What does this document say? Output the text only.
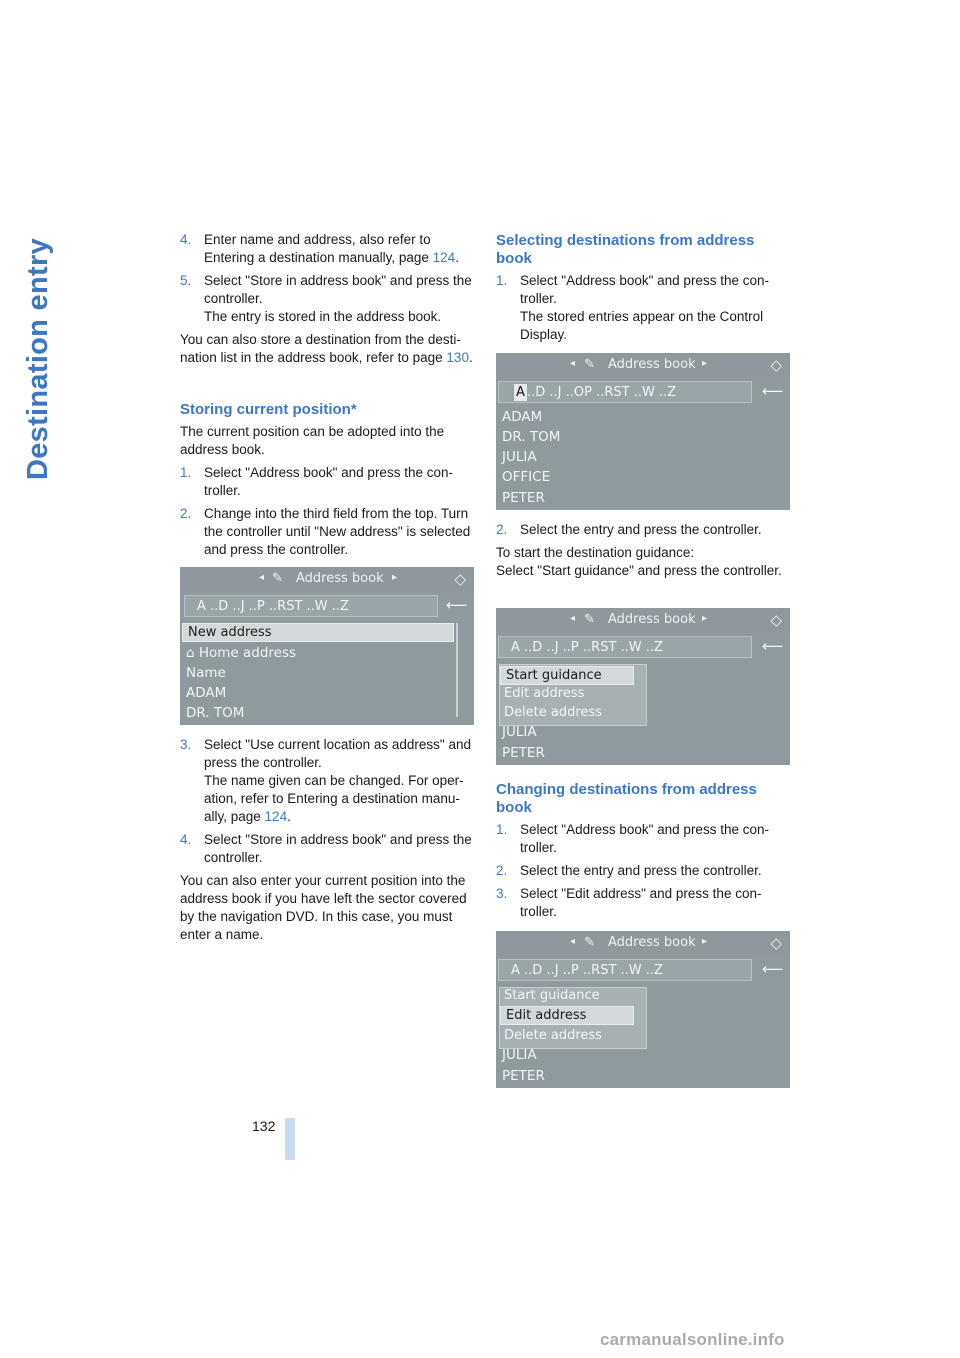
Destination entry	4. Enter name and address, also refer to Entering a destination manually, page 124.
5. Select "Store in address book" and press the controller.
The entry is stored in the address book.

You can also store a destination from the destination list in the address book, refer to page 130.

Storing current position*

The current position can be adopted into the address book.

1. Select "Address book" and press the controller.
2. Change into the third field from the top. Turn the controller until "New address" is selected and press the controller.
◂ ✎ Address book ▸	◇
A ..D ..J ..P ..RST ..W ..Z	⟵
New address
⌂ Home address
Name
ADAM
DR. TOM
3. Select "Use current location as address" and press the controller.
The name given can be changed. For operation, refer to Entering a destination manually, page 124.
4. Select "Store in address book" and press the controller.

You can also enter your current position into the address book if you have left the sector covered by the navigation DVD. In this case, you must enter a name.

Selecting destinations from address book
1. Select "Address book" and press the controller.
The stored entries appear on the Control Display.
◂ ✎ Address book ▸	◇
..D ..J ..OP ..RST ..W ..Z
A	⟵
ADAM
DR. TOM
JULIA
OFFICE
PETER
2. Select the entry and press the controller.

To start the destination guidance:

Select "Start guidance" and press the controller.

◂ ✎ Address book ▸	◇
A ..D ..J ..P ..RST ..W ..Z	⟵
Start guidance
Edit address
Delete address
JULIA
PETER
Changing destinations from address book
1. Select "Address book" and press the controller.
2. Select the entry and press the controller.
3. Select "Edit address" and press the controller.
◂ ✎ Address book ▸	◇
A ..D ..J ..P ..RST ..W ..Z	⟵
Start guidance
Edit address
Delete address
JULIA
PETER
132
carmanualsonline.info
